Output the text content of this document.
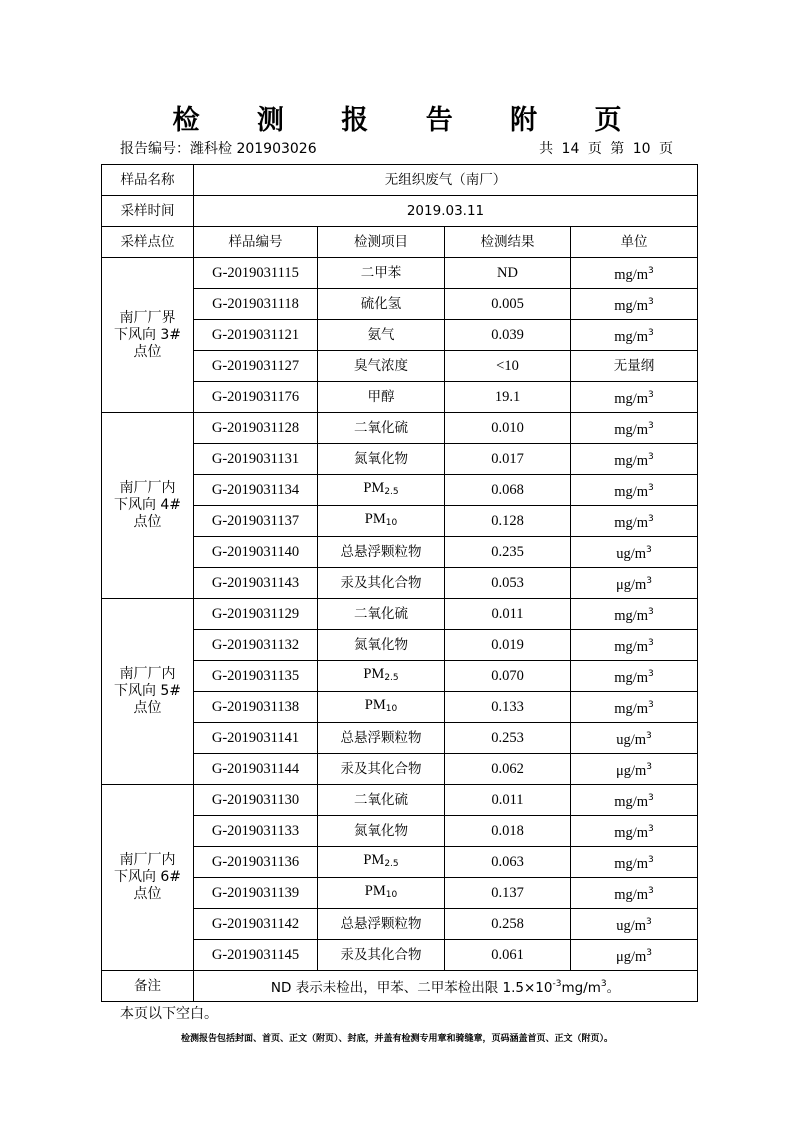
检 测 报 告 附 页
报告编号：潍科检 201903026	共 14 页 第 10 页
样品名称	无组织废气（南厂）			
采样时间	2019.03.11			
采样点位	样品编号	检测项目	检测结果	单位

南厂厂界
下风向 3#
点位	G-2019031115	二甲苯	ND	$mg/m^3$
	G-2019031118	硫化氢	0.005	$mg/m^3$
	G-2019031121	氨气	0.039	$mg/m^3$
	G-2019031127	臭气浓度	<10	无量纲
	G-2019031176	甲醇	19.1	$mg/m^3$

南厂厂内
下风向 4#
点位	G-2019031128	二氧化硫	0.010	$mg/m^3$
	G-2019031131	氮氧化物	0.017	$mg/m^3$
	G-2019031134	$PM_{2.5}$	0.068	$mg/m^3$
	G-2019031137	$PM_{10}$	0.128	$mg/m^3$
	G-2019031140	总悬浮颗粒物	0.235	$ug/m^3$
	G-2019031143	汞及其化合物	0.053	$\mu g/m^3$

南厂厂内
下风向 5#
点位	G-2019031129	二氧化硫	0.011	$mg/m^3$
	G-2019031132	氮氧化物	0.019	$mg/m^3$
	G-2019031135	$PM_{2.5}$	0.070	$mg/m^3$
	G-2019031138	$PM_{10}$	0.133	$mg/m^3$
	G-2019031141	总悬浮颗粒物	0.253	$ug/m^3$
	G-2019031144	汞及其化合物	0.062	$\mu g/m^3$

南厂厂内
下风向 6#
点位	G-2019031130	二氧化硫	0.011	$mg/m^3$
	G-2019031133	氮氧化物	0.018	$mg/m^3$
	G-2019031136	$PM_{2.5}$	0.063	$mg/m^3$
	G-2019031139	$PM_{10}$	0.137	$mg/m^3$
	G-2019031142	总悬浮颗粒物	0.258	$ug/m^3$
	G-2019031145	汞及其化合物	0.061	$\mu g/m^3$
备注	ND 表示未检出，甲苯、二甲苯检出限 $1.5\times 10^{-3}mg/m^3$。			
本页以下空白。
检测报告包括封面、首页、正文（附页）、封底，并盖有检测专用章和骑缝章，页码涵盖首页、正文（附页）。
